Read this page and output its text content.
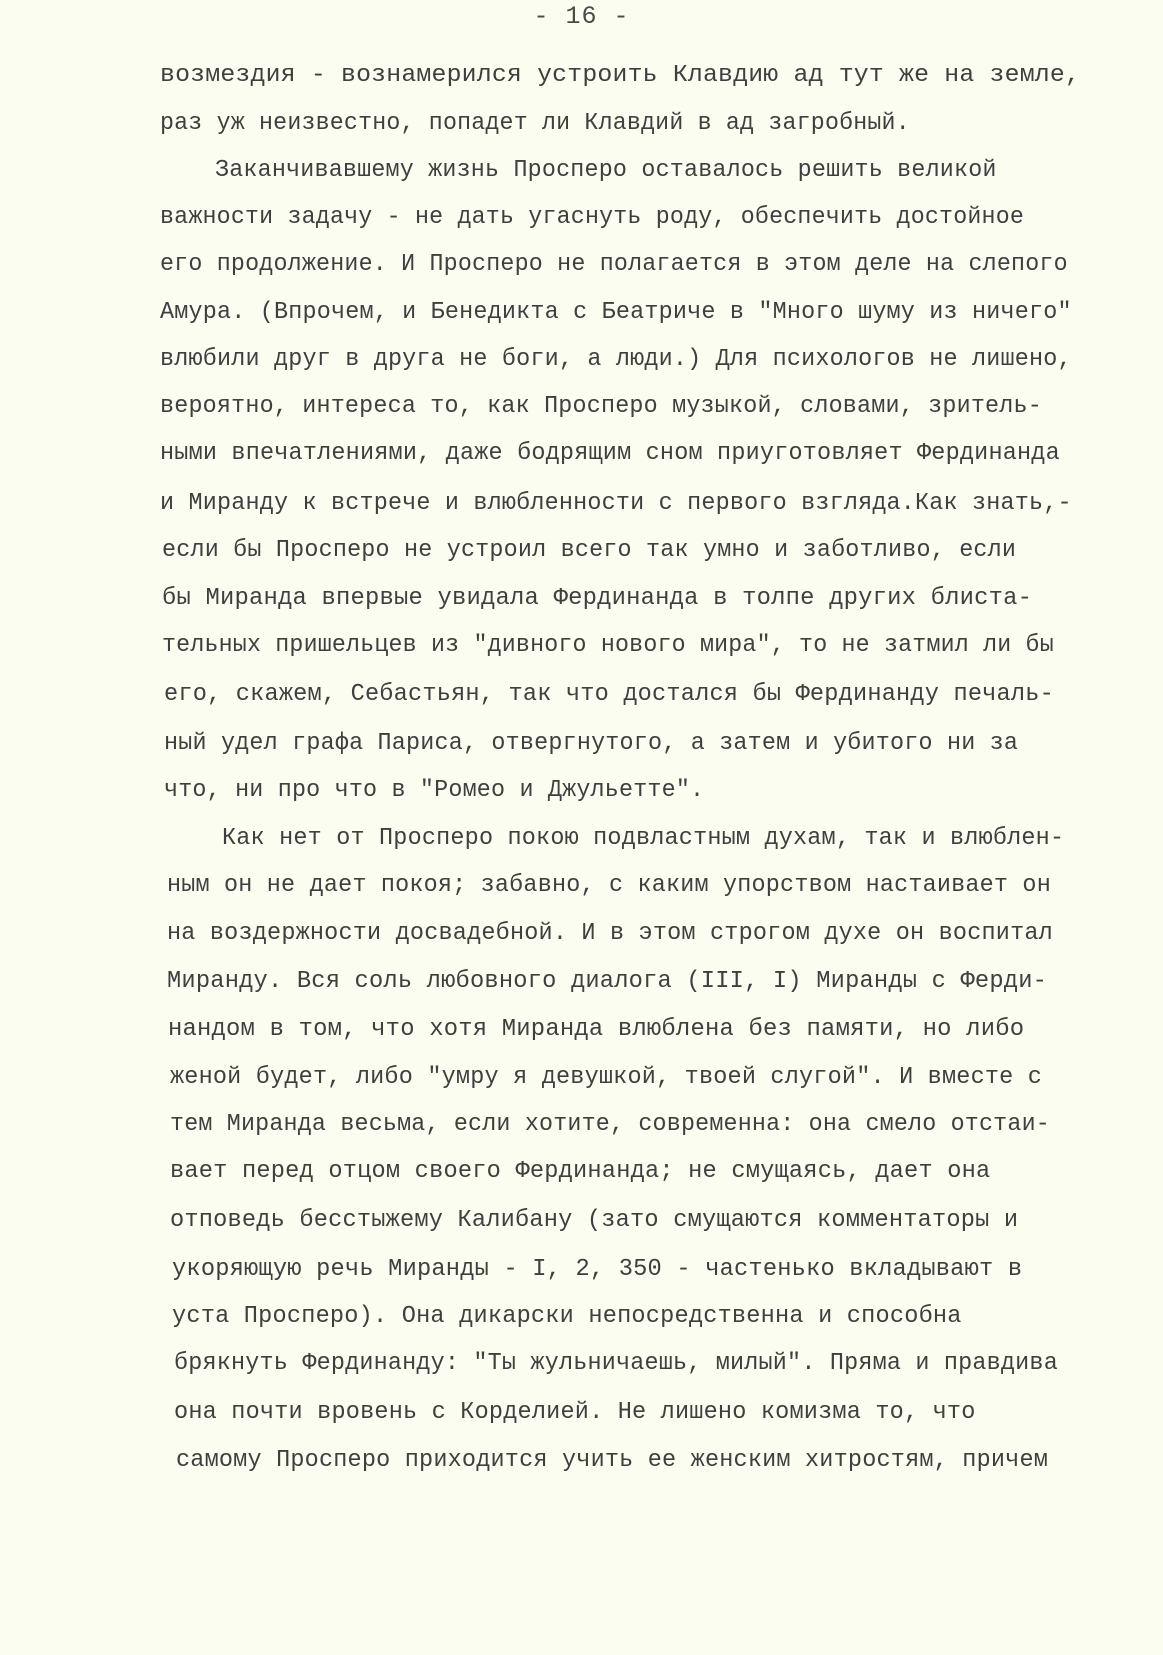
- 16 -
возмездия - вознамерился устроить Клавдию ад тут же на земле,
раз уж неизвестно, попадет ли Клавдий в ад загробный.
Заканчивавшему жизнь Просперо оставалось решить великой
важности задачу - не дать угаснуть роду, обеспечить достойное
его продолжение. И Просперо не полагается в этом деле на слепого
Амура. (Впрочем, и Бенедикта с Беатриче в "Много шуму из ничего"
влюбили друг в друга не боги, а люди.) Для психологов не лишено,
вероятно, интереса то, как Просперо музыкой, словами, зритель-
ными впечатлениями, даже бодрящим сном приуготовляет Фердинанда
и Миранду к встрече и влюбленности с первого взгляда.Как знать,-
если бы Просперо не устроил всего так умно и заботливо, если
бы Миранда впервые увидала Фердинанда в толпе других блиста-
тельных пришельцев из "дивного нового мира", то не затмил ли бы
его, скажем, Себастьян, так что достался бы Фердинанду печаль-
ный удел графа Париса, отвергнутого, а затем и убитого ни за
что, ни про что в "Ромео и Джульетте".
Как нет от Просперо покою подвластным духам, так и влюблен-
ным он не дает покоя; забавно, с каким упорством настаивает он
на воздержности досвадебной. И в этом строгом духе он воспитал
Миранду. Вся соль любовного диалога (III, I) Миранды с Ферди-
нандом в том, что хотя Миранда влюблена без памяти, но либо
женой будет, либо "умру я девушкой, твоей слугой". И вместе с
тем Миранда весьма, если хотите, современна: она смело отстаи-
вает перед отцом своего Фердинанда; не смущаясь, дает она
отповедь бесстыжему Калибану (зато смущаются комментаторы и
укоряющую речь Миранды - I, 2, 350 - частенько вкладывают в
уста Просперо). Она дикарски непосредственна и способна
брякнуть Фердинанду: "Ты жульничаешь, милый". Пряма и правдива
она почти вровень с Корделией. Не лишено комизма то, что
самому Просперо приходится учить ее женским хитростям, причем
